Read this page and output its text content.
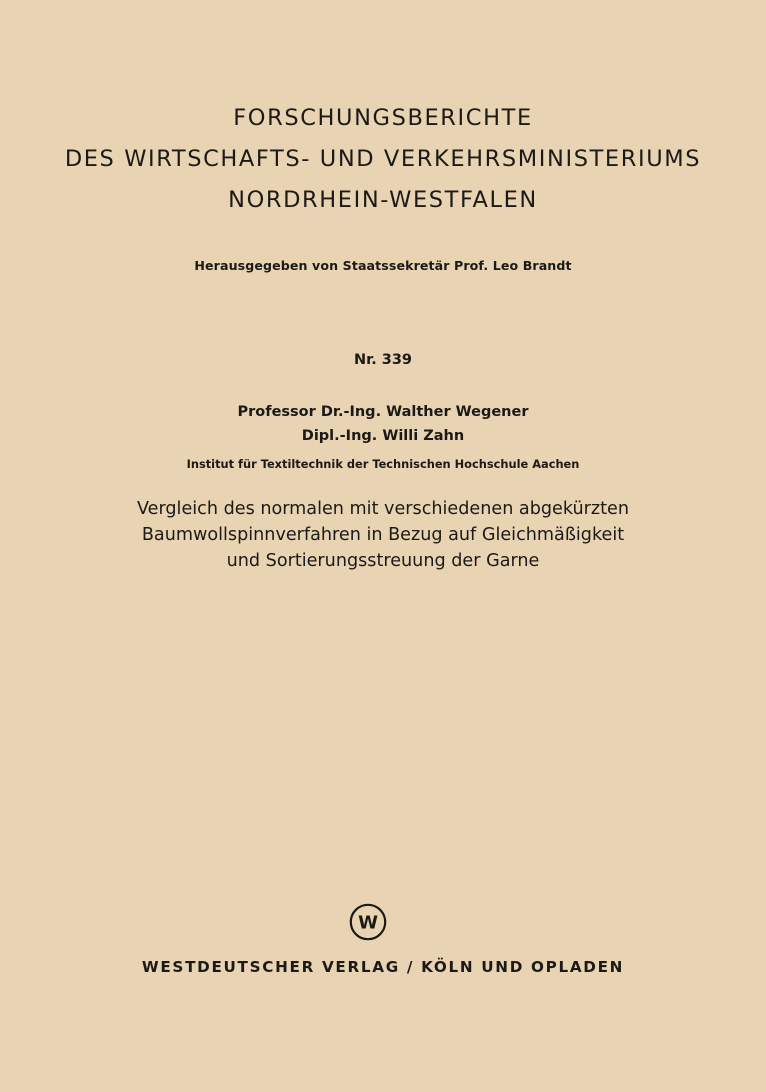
FORSCHUNGSBERICHTE
DES WIRTSCHAFTS- UND VERKEHRSMINISTERIUMS
NORDRHEIN-WESTFALEN
Herausgegeben von Staatssekretär Prof. Leo Brandt
Nr. 339
Professor Dr.-Ing. Walther Wegener
Dipl.-Ing. Willi Zahn
Institut für Textiltechnik der Technischen Hochschule Aachen
Vergleich des normalen mit verschiedenen abgekürzten
Baumwollspinnverfahren in Bezug auf Gleichmäßigkeit
und Sortierungsstreuung der Garne
W
WESTDEUTSCHER VERLAG / KÖLN UND OPLADEN
